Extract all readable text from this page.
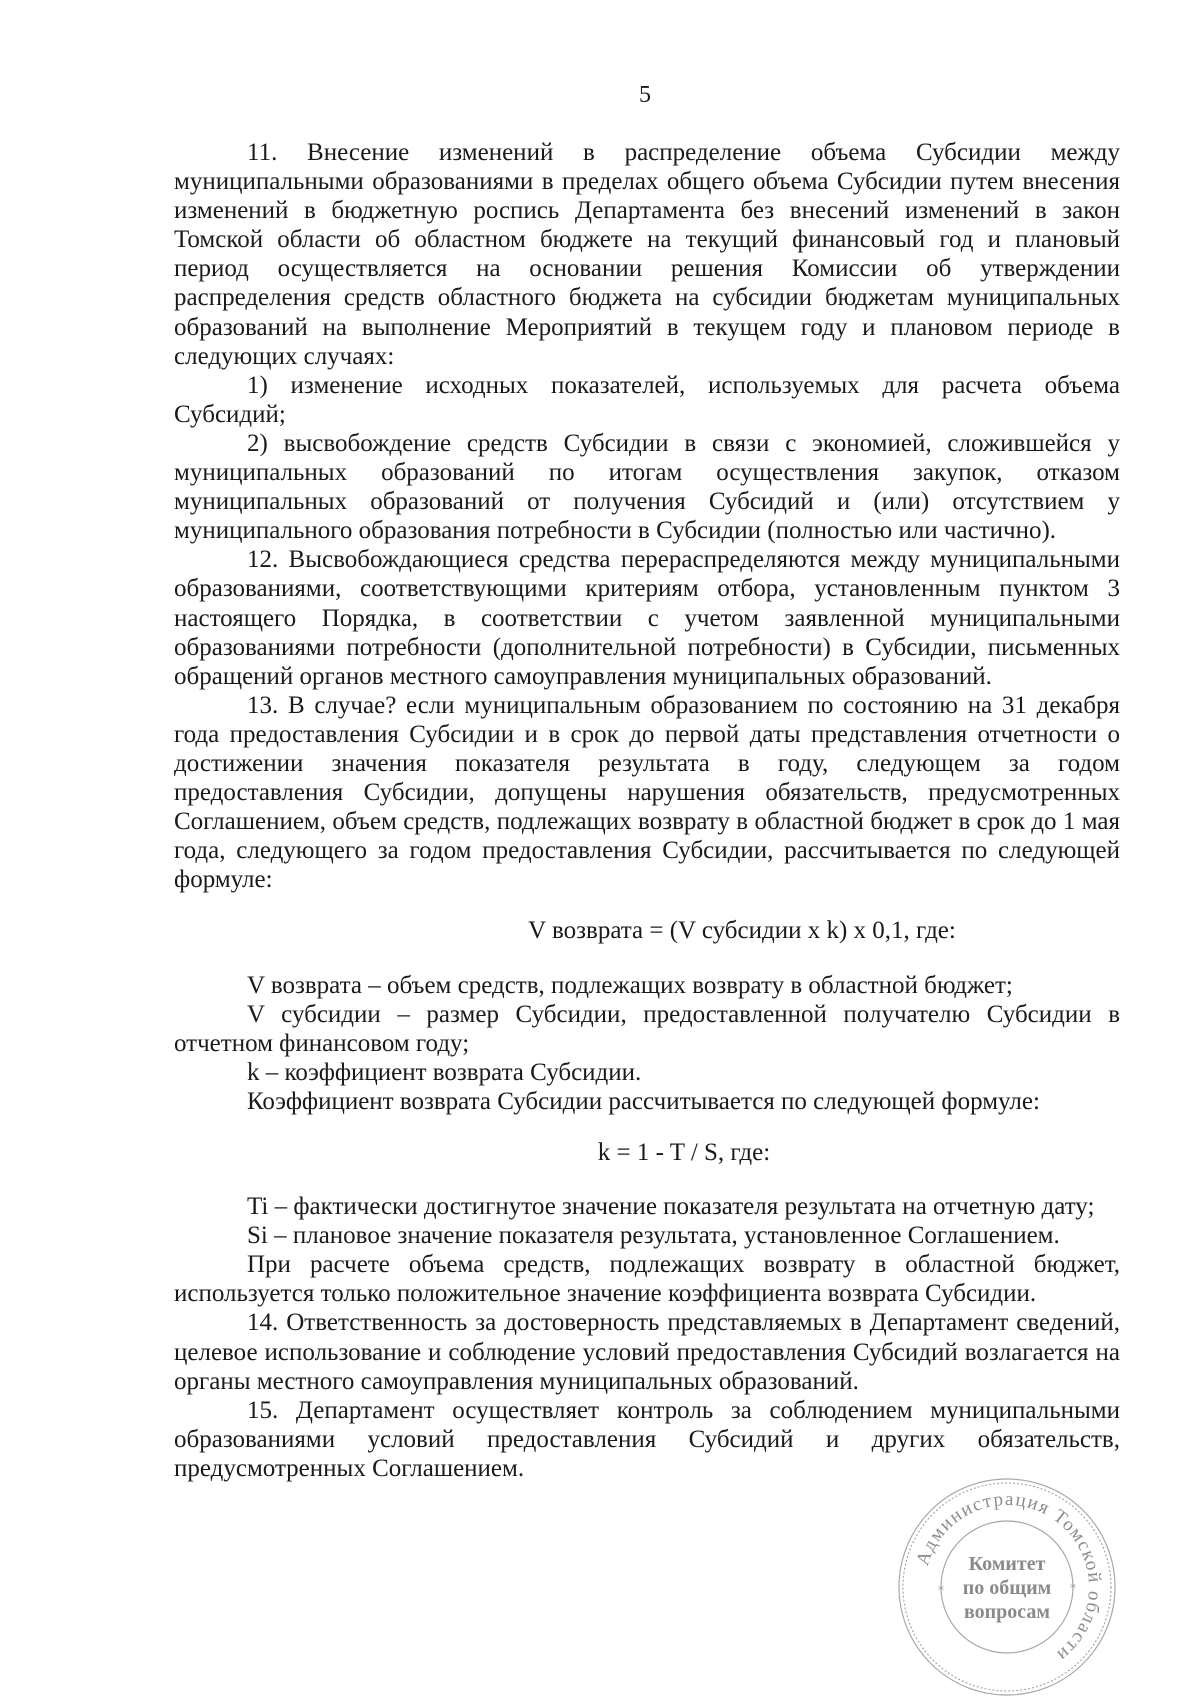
5

11. Внесение изменений в распределение объема Субсидии между муниципальными образованиями в пределах общего объема Субсидии путем внесения изменений в бюджетную роспись Департамента без внесений изменений в закон Томской области об областном бюджете на текущий финансовый год и плановый период осуществляется на основании решения Комиссии об утверждении распределения средств областного бюджета на субсидии бюджетам муниципальных образований на выполнение Мероприятий в текущем году и плановом периоде в следующих случаях:

1) изменение исходных показателей, используемых для расчета объема Субсидий;

2) высвобождение средств Субсидии в связи с экономией, сложившейся у муниципальных образований по итогам осуществления закупок, отказом муниципальных образований от получения Субсидий и (или) отсутствием у муниципального образования потребности в Субсидии (полностью или частично).

12. Высвобождающиеся средства перераспределяются между муниципальными образованиями, соответствующими критериям отбора, установленным пунктом 3 настоящего Порядка, в соответствии с учетом заявленной муниципальными образованиями потребности (дополнительной потребности) в Субсидии, письменных обращений органов местного самоуправления муниципальных образований.

13. В случае? если муниципальным образованием по состоянию на 31 декабря года предоставления Субсидии и в срок до первой даты представления отчетности о достижении значения показателя результата в году, следующем за годом предоставления Субсидии, допущены нарушения обязательств, предусмотренных Соглашением, объем средств, подлежащих возврату в областной бюджет в срок до 1 мая года, следующего за годом предоставления Субсидии, рассчитывается по следующей формуле:

V возврата = (V субсидии x k) x 0,1, где:

V возврата – объем средств, подлежащих возврату в областной бюджет;

V субсидии – размер Субсидии, предоставленной получателю Субсидии в отчетном финансовом году;

k – коэффициент возврата Субсидии.

Коэффициент возврата Субсидии рассчитывается по следующей формуле:

k = 1 - T / S, где:

Ti – фактически достигнутое значение показателя результата на отчетную дату;

Si – плановое значение показателя результата, установленное Соглашением.

При расчете объема средств, подлежащих возврату в областной бюджет, используется только положительное значение коэффициента возврата Субсидии.

14. Ответственность за достоверность представляемых в Департамент сведений, целевое использование и соблюдение условий предоставления Субсидий возлагается на органы местного самоуправления муниципальных образований.

15. Департамент осуществляет контроль за соблюдением муниципальными образованиями условий предоставления Субсидий и других обязательств, предусмотренных Соглашением.

Администрация Томской области
*
*
Комитет
по общим
вопросам
